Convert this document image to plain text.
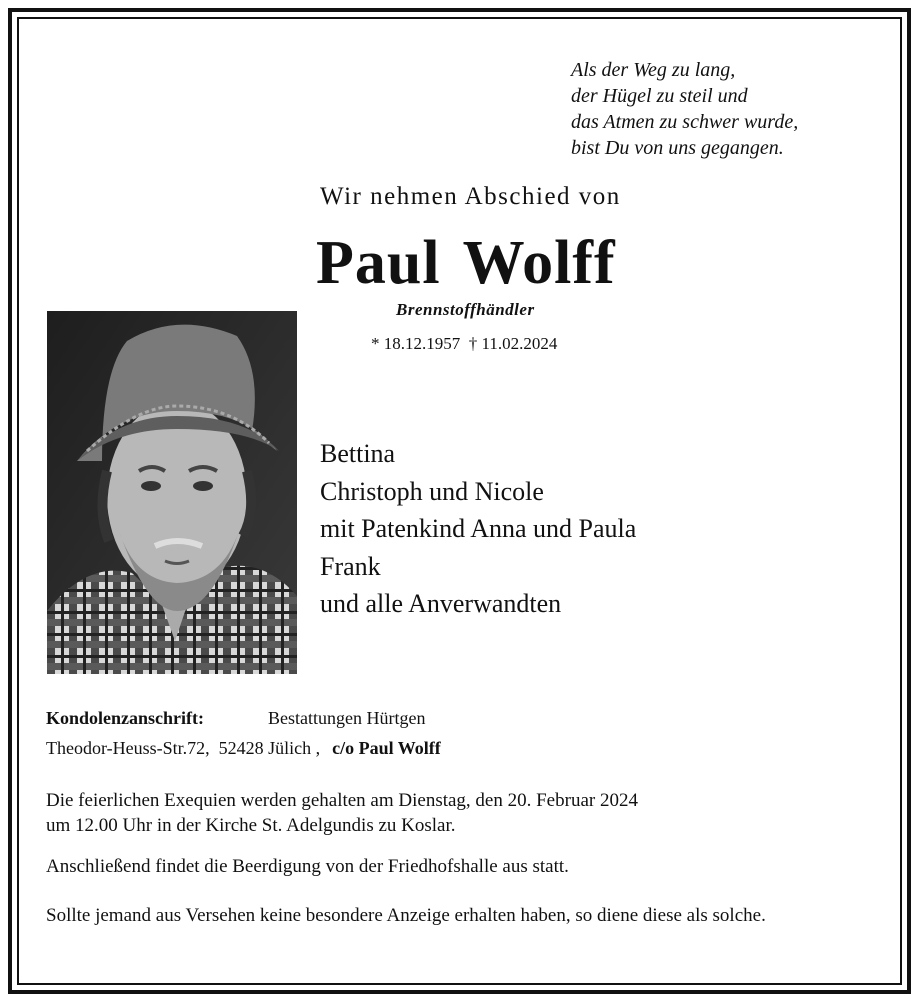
Als der Weg zu lang,
der Hügel zu steil und
das Atmen zu schwer wurde,
bist Du von uns gegangen.
Wir nehmen Abschied von
Paul Wolff
Brennstoffhändler
* 18.12.1957  † 11.02.2024
Bettina
Christoph und Nicole
mit Patenkind Anna und Paula
Frank
und alle Anverwandten
Kondolenzanschrift:	Bestattungen Hürtgen
Theodor-Heuss-Str.72,  52428 Jülich , c/o Paul Wolff
Die feierlichen Exequien werden gehalten am Dienstag, den 20. Februar 2024
um 12.00 Uhr in der Kirche St. Adelgundis zu Koslar.
Anschließend findet die Beerdigung von der Friedhofshalle aus statt.
Sollte jemand aus Versehen keine besondere Anzeige erhalten haben, so diene diese als solche.
